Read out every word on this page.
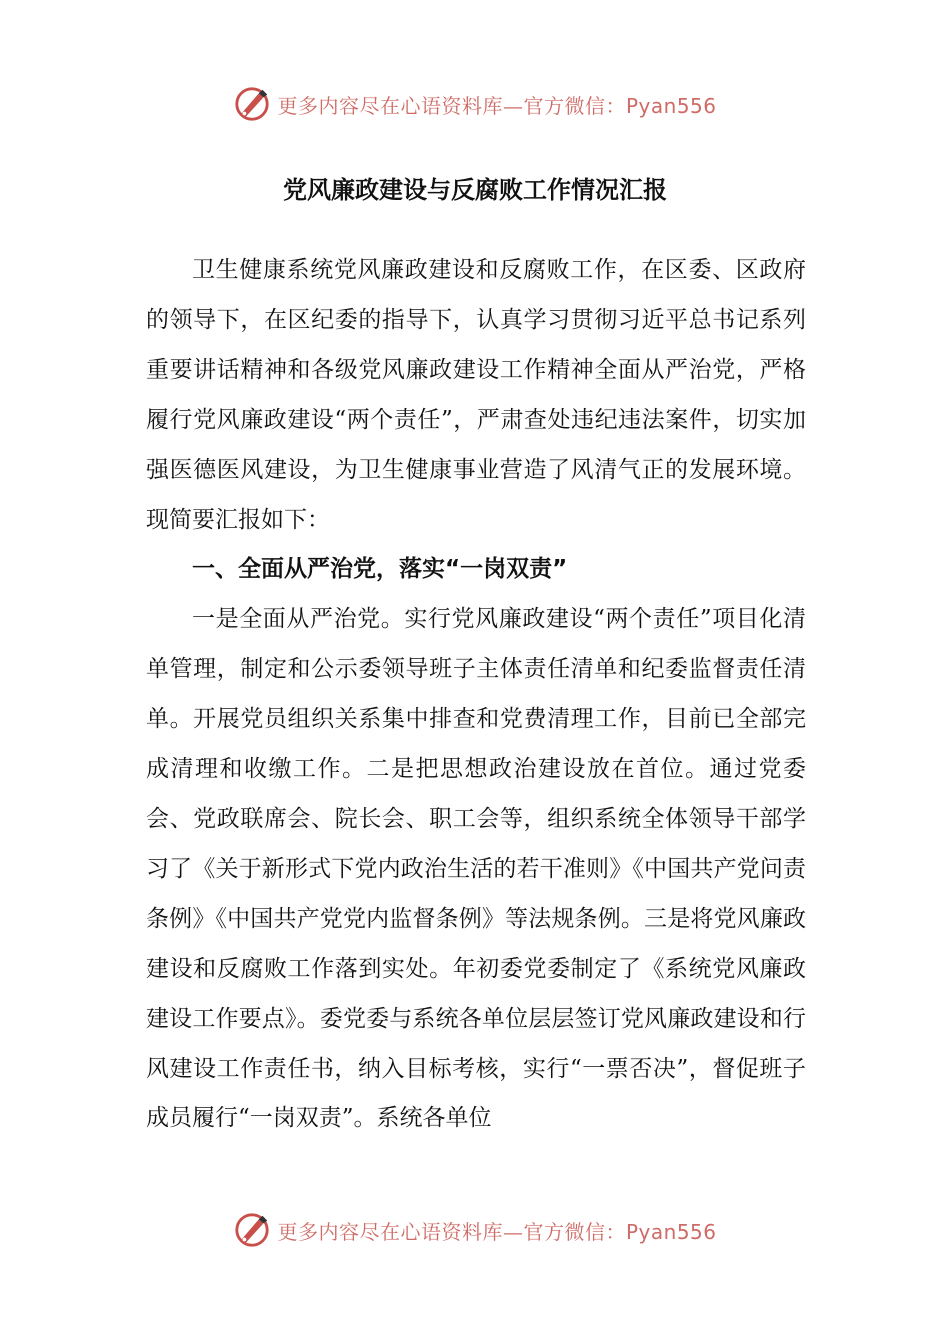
更多内容尽在心语资料库—官方微信：Pyan556
党风廉政建设与反腐败工作情况汇报

卫生健康系统党风廉政建设和反腐败工作，在区委、区政府的领导下，在区纪委的指导下，认真学习贯彻习近平总书记系列重要讲话精神和各级党风廉政建设工作精神全面从严治党，严格履行党风廉政建设“两个责任”，严肃查处违纪违法案件，切实加强医德医风建设，为卫生健康事业营造了风清气正的发展环境。现简要汇报如下：

一、全面从严治党，落实“一岗双责”

一是全面从严治党。实行党风廉政建设“两个责任”项目化清单管理，制定和公示委领导班子主体责任清单和纪委监督责任清单。开展党员组织关系集中排查和党费清理工作，目前已全部完成清理和收缴工作。二是把思想政治建设放在首位。通过党委会、党政联席会、院长会、职工会等，组织系统全体领导干部学习了《关于新形式下党内政治生活的若干准则》《中国共产党问责条例》《中国共产党党内监督条例》等法规条例。三是将党风廉政建设和反腐败工作落到实处。年初委党委制定了《系统党风廉政建设工作要点》。委党委与系统各单位层层签订党风廉政建设和行风建设工作责任书，纳入目标考核，实行“一票否决”，督促班子成员履行“一岗双责”。系统各单位

更多内容尽在心语资料库—官方微信：Pyan556
